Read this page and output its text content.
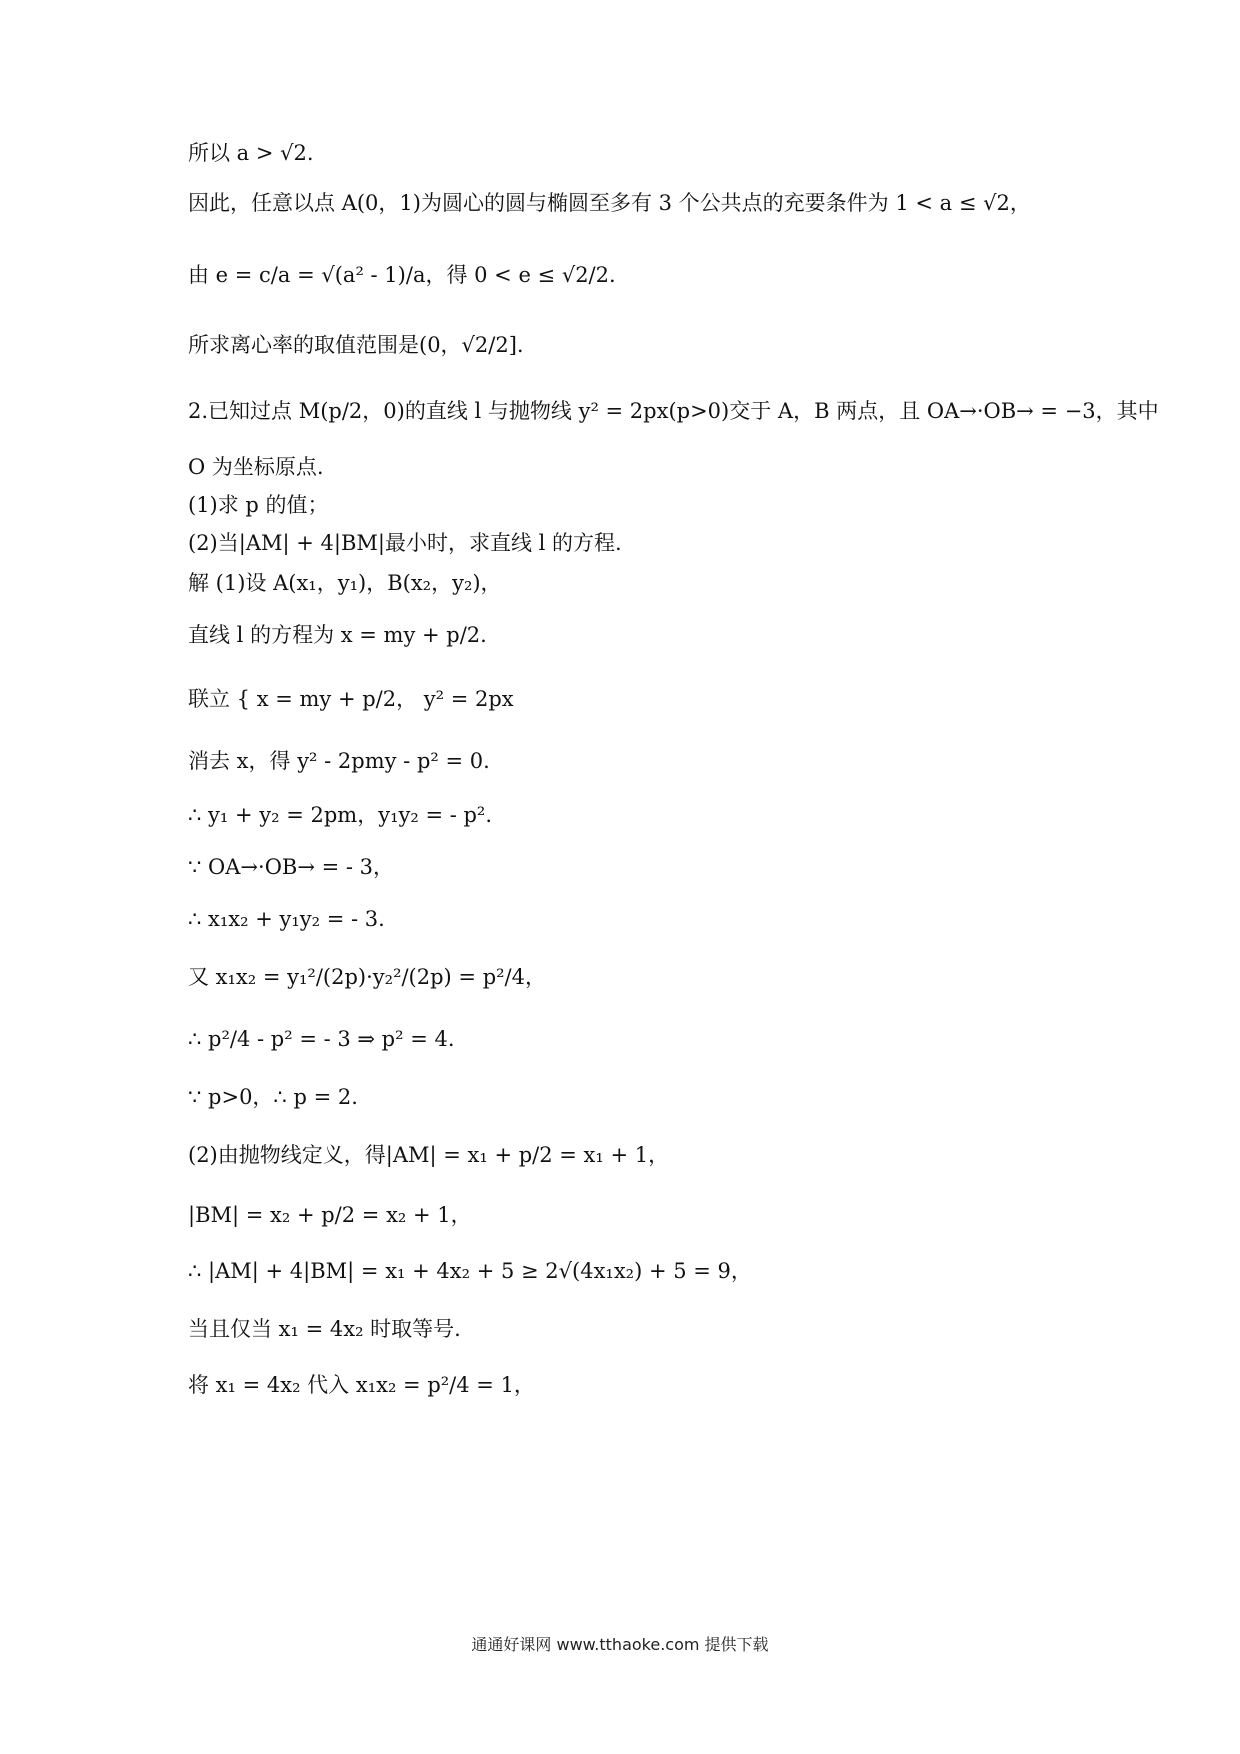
所以 a > √2.
因此，任意以点 A(0，1)为圆心的圆与椭圆至多有 3 个公共点的充要条件为 1 < a ≤ √2，
由 e = c/a = √(a² - 1)/a，得 0 < e ≤ √2/2.
所求离心率的取值范围是(0，√2/2].
2.已知过点 M(p/2，0)的直线 l 与抛物线 y² = 2px(p>0)交于 A，B 两点，且 OA→·OB→ = −3，其中
O 为坐标原点.
(1)求 p 的值；
(2)当|AM| + 4|BM|最小时，求直线 l 的方程.
解 (1)设 A(x₁，y₁)，B(x₂，y₂)，
直线 l 的方程为 x = my + p/2.
联立 { x = my + p/2， y² = 2px
消去 x，得 y² - 2pmy - p² = 0.
∴ y₁ + y₂ = 2pm，y₁y₂ = - p².
∵ OA→·OB→ = - 3，
∴ x₁x₂ + y₁y₂ = - 3.
又 x₁x₂ = y₁²/(2p)·y₂²/(2p) = p²/4，
∴ p²/4 - p² = - 3 ⇒ p² = 4.
∵ p>0，∴ p = 2.
(2)由抛物线定义，得|AM| = x₁ + p/2 = x₁ + 1，
|BM| = x₂ + p/2 = x₂ + 1，
∴ |AM| + 4|BM| = x₁ + 4x₂ + 5 ≥ 2√(4x₁x₂) + 5 = 9，
当且仅当 x₁ = 4x₂ 时取等号.
将 x₁ = 4x₂ 代入 x₁x₂ = p²/4 = 1，
通通好课网 www.tthaoke.com 提供下载
